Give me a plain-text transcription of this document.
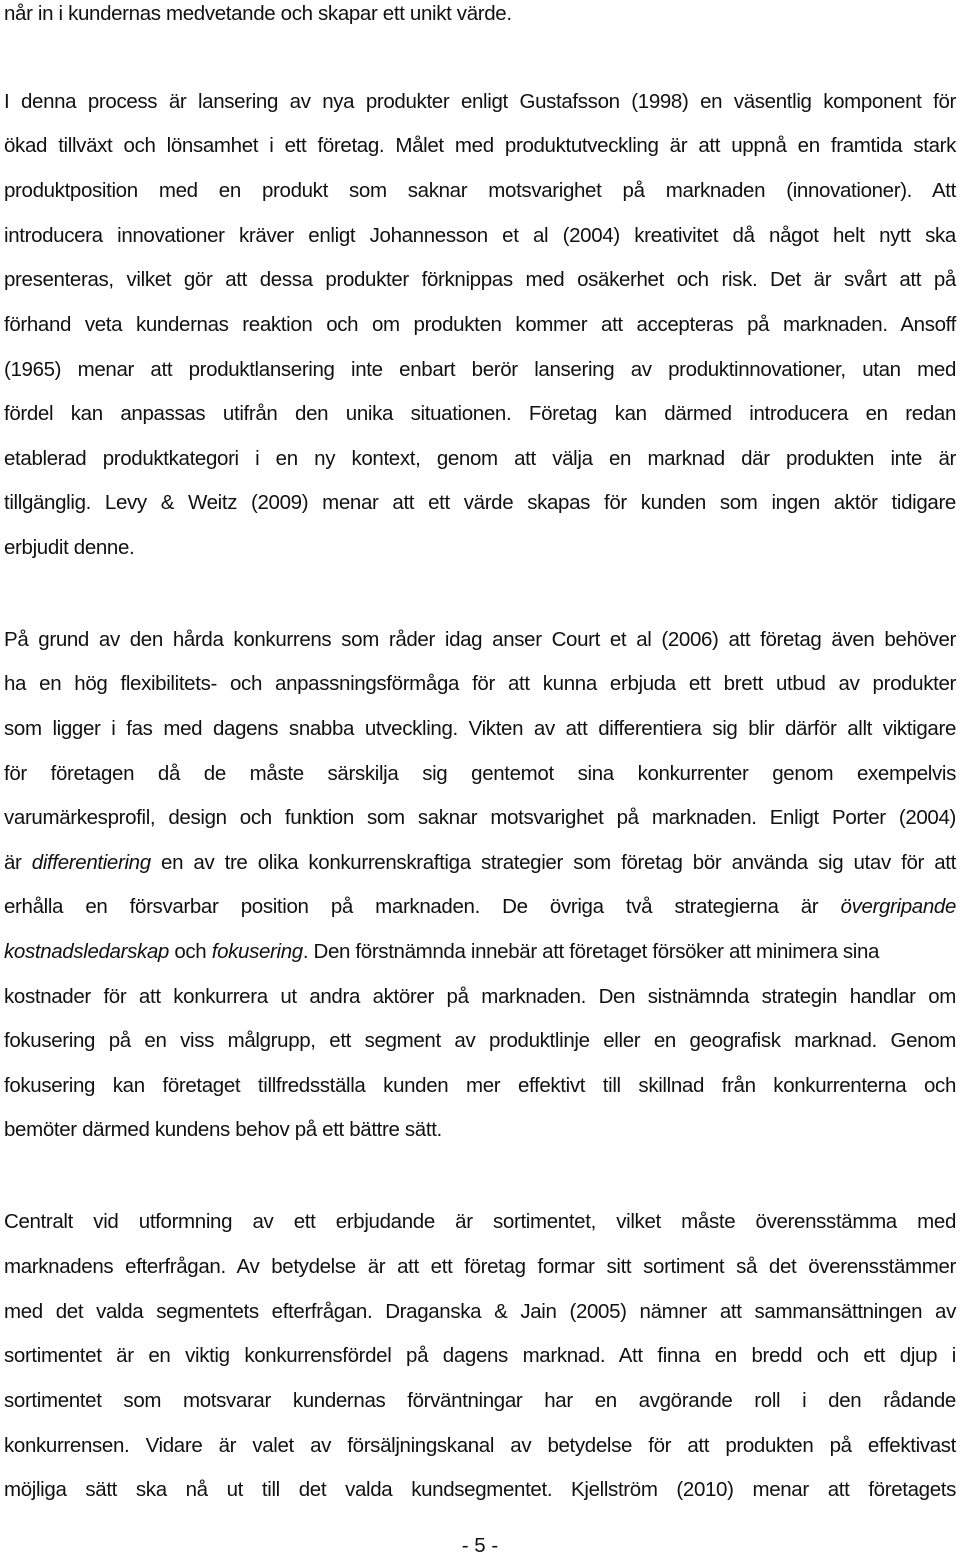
når in i kundernas medvetande och skapar ett unikt värde.
I denna process är lansering av nya produkter enligt Gustafsson (1998) en väsentlig komponent för
ökad tillväxt och lönsamhet i ett företag. Målet med produktutveckling är att uppnå en framtida stark
produktposition med en produkt som saknar motsvarighet på marknaden (innovationer). Att
introducera innovationer kräver enligt Johannesson et al (2004) kreativitet då något helt nytt ska
presenteras, vilket gör att dessa produkter förknippas med osäkerhet och risk. Det är svårt att på
förhand veta kundernas reaktion och om produkten kommer att accepteras på marknaden. Ansoff
(1965) menar att produktlansering inte enbart berör lansering av produktinnovationer, utan med
fördel kan anpassas utifrån den unika situationen. Företag kan därmed introducera en redan
etablerad produktkategori i en ny kontext, genom att välja en marknad där produkten inte är
tillgänglig. Levy & Weitz (2009) menar att ett värde skapas för kunden som ingen aktör tidigare
erbjudit denne.
På grund av den hårda konkurrens som råder idag anser Court et al (2006) att företag även behöver
ha en hög flexibilitets- och anpassningsförmåga för att kunna erbjuda ett brett utbud av produkter
som ligger i fas med dagens snabba utveckling. Vikten av att differentiera sig blir därför allt viktigare
för företagen då de måste särskilja sig gentemot sina konkurrenter genom exempelvis
varumärkesprofil, design och funktion som saknar motsvarighet på marknaden. Enligt Porter (2004)
är differentiering en av tre olika konkurrenskraftiga strategier som företag bör använda sig utav för att
erhålla en försvarbar position på marknaden. De övriga två strategierna är övergripande
kostnadsledarskap och fokusering. Den förstnämnda innebär att företaget försöker att minimera sina
kostnader för att konkurrera ut andra aktörer på marknaden. Den sistnämnda strategin handlar om
fokusering på en viss målgrupp, ett segment av produktlinje eller en geografisk marknad. Genom
fokusering kan företaget tillfredsställa kunden mer effektivt till skillnad från konkurrenterna och
bemöter därmed kundens behov på ett bättre sätt.
Centralt vid utformning av ett erbjudande är sortimentet, vilket måste överensstämma med
marknadens efterfrågan. Av betydelse är att ett företag formar sitt sortiment så det överensstämmer
med det valda segmentets efterfrågan. Draganska & Jain (2005) nämner att sammansättningen av
sortimentet är en viktig konkurrensfördel på dagens marknad. Att finna en bredd och ett djup i
sortimentet som motsvarar kundernas förväntningar har en avgörande roll i den rådande
konkurrensen. Vidare är valet av försäljningskanal av betydelse för att produkten på effektivast
möjliga sätt ska nå ut till det valda kundsegmentet. Kjellström (2010) menar att företagets
- 5 -
